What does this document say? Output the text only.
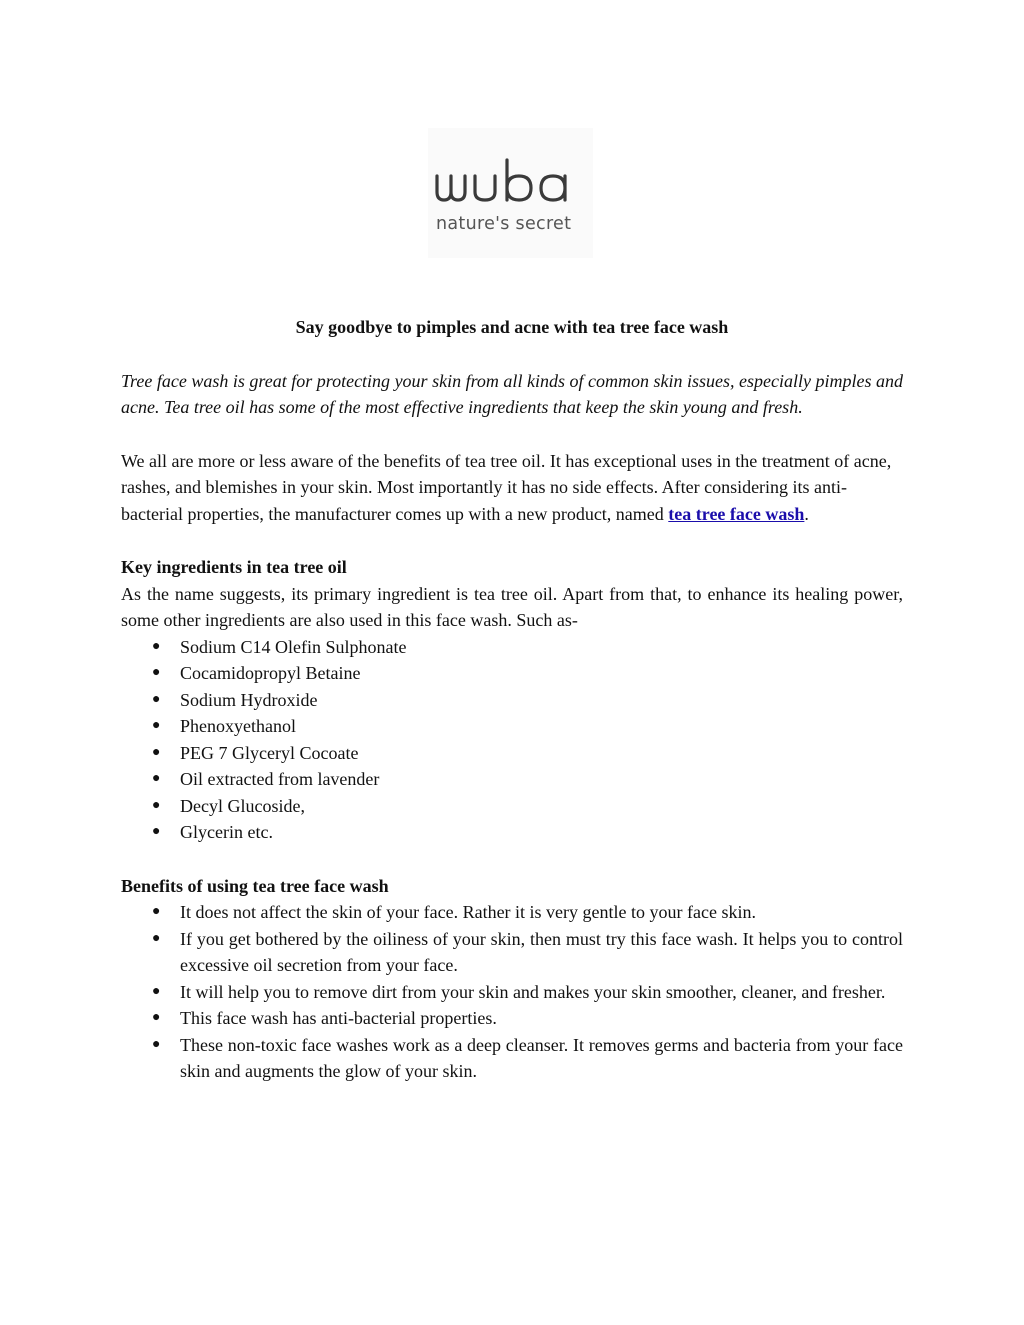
nature's secret

Say goodbye to pimples and acne with tea tree face wash

Tree face wash is great for protecting your skin from all kinds of common skin issues, especially pimples and acne. Tea tree oil has some of the most effective ingredients that keep the skin young and fresh.

We all are more or less aware of the benefits of tea tree oil. It has exceptional uses in the treatment of acne, rashes, and blemishes in your skin. Most importantly it has no side effects. After considering its anti-bacterial properties, the manufacturer comes up with a new product, named tea tree face wash.

Key ingredients in tea tree oil

As the name suggests, its primary ingredient is tea tree oil. Apart from that, to enhance its healing power, some other ingredients are also used in this face wash. Such as-

● Sodium C14 Olefin Sulphonate
● Cocamidopropyl Betaine
● Sodium Hydroxide
● Phenoxyethanol
● PEG 7 Glyceryl Cocoate
● Oil extracted from lavender
● Decyl Glucoside,
● Glycerin etc.
Benefits of using tea tree face wash
● It does not affect the skin of your face. Rather it is very gentle to your face skin.
● If you get bothered by the oiliness of your skin, then must try this face wash. It helps you to control excessive oil secretion from your face.
● It will help you to remove dirt from your skin and makes your skin smoother, cleaner, and fresher.
● This face wash has anti-bacterial properties.
● These non-toxic face washes work as a deep cleanser. It removes germs and bacteria from your face skin and augments the glow of your skin.
